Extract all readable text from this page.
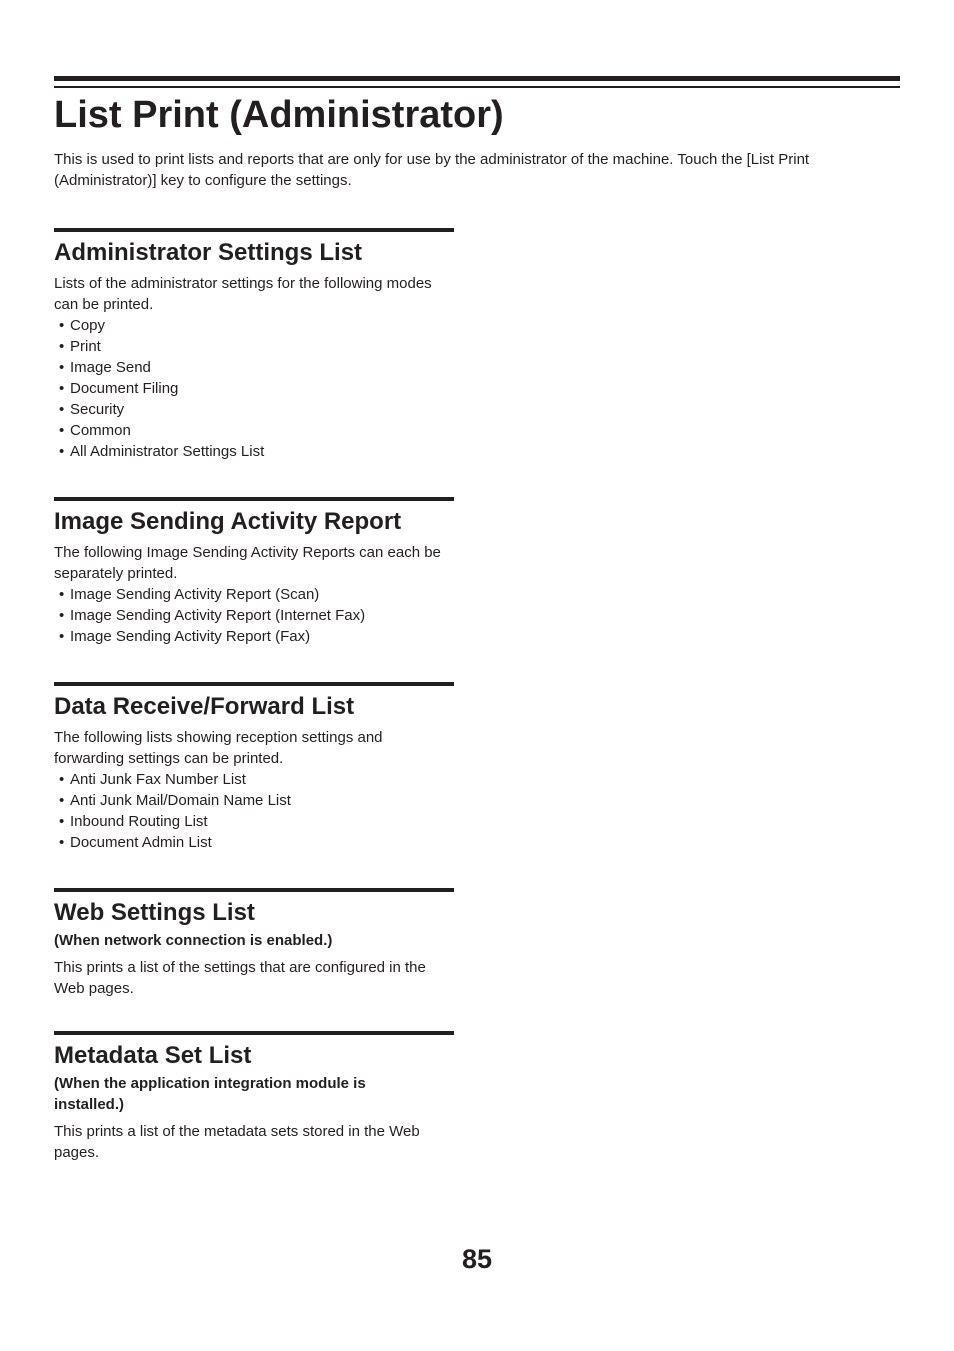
List Print (Administrator)

This is used to print lists and reports that are only for use by the administrator of the machine. Touch the [List Print (Administrator)] key to configure the settings.

Administrator Settings List

Lists of the administrator settings for the following modes can be printed.

• Copy
• Print
• Image Send
• Document Filing
• Security
• Common
• All Administrator Settings List
Image Sending Activity Report

The following Image Sending Activity Reports can each be separately printed.

• Image Sending Activity Report (Scan)
• Image Sending Activity Report (Internet Fax)
• Image Sending Activity Report (Fax)
Data Receive/Forward List

The following lists showing reception settings and forwarding settings can be printed.

• Anti Junk Fax Number List
• Anti Junk Mail/Domain Name List
• Inbound Routing List
• Document Admin List
Web Settings List

(When network connection is enabled.)

This prints a list of the settings that are configured in the Web pages.

Metadata Set List

(When the application integration module is installed.)

This prints a list of the metadata sets stored in the Web pages.

85
